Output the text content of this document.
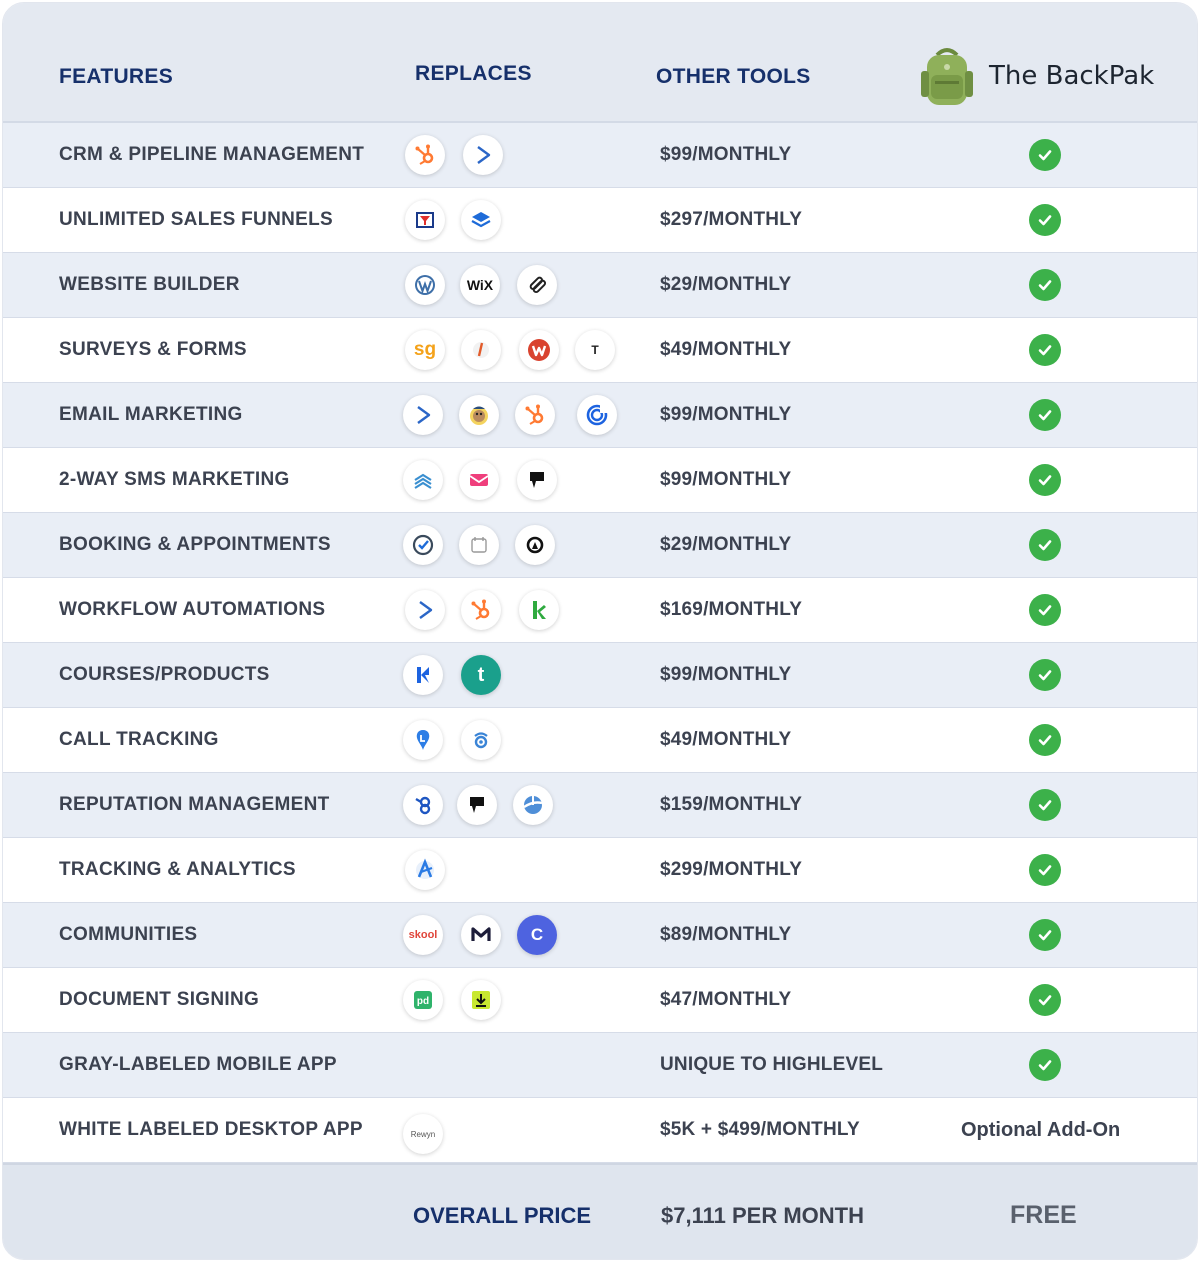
FEATURES	REPLACES	OTHER TOOLS	The BackPak
CRM & PIPELINE MANAGEMENT	$99/MONTHLY
UNLIMITED SALES FUNNELS	$297/MONTHLY
WEBSITE BUILDER	WiX	$29/MONTHLY
SURVEYS & FORMS	sg	T	$49/MONTHLY
EMAIL MARKETING	$99/MONTHLY
2-WAY SMS MARKETING	$99/MONTHLY
BOOKING & APPOINTMENTS	$29/MONTHLY
WORKFLOW AUTOMATIONS	$169/MONTHLY
COURSES/PRODUCTS	t	$99/MONTHLY
CALL TRACKING	$49/MONTHLY
REPUTATION MANAGEMENT	$159/MONTHLY
TRACKING & ANALYTICS	$299/MONTHLY
COMMUNITIES	skool	C	$89/MONTHLY
DOCUMENT SIGNING	pd	$47/MONTHLY
GRAY-LABELED MOBILE APP	UNIQUE TO HIGHLEVEL
WHITE LABELED DESKTOP APP	Rewyn	$5K + $499/MONTHLY	Optional Add-On
OVERALL PRICE	$7,111 PER MONTH	FREE
